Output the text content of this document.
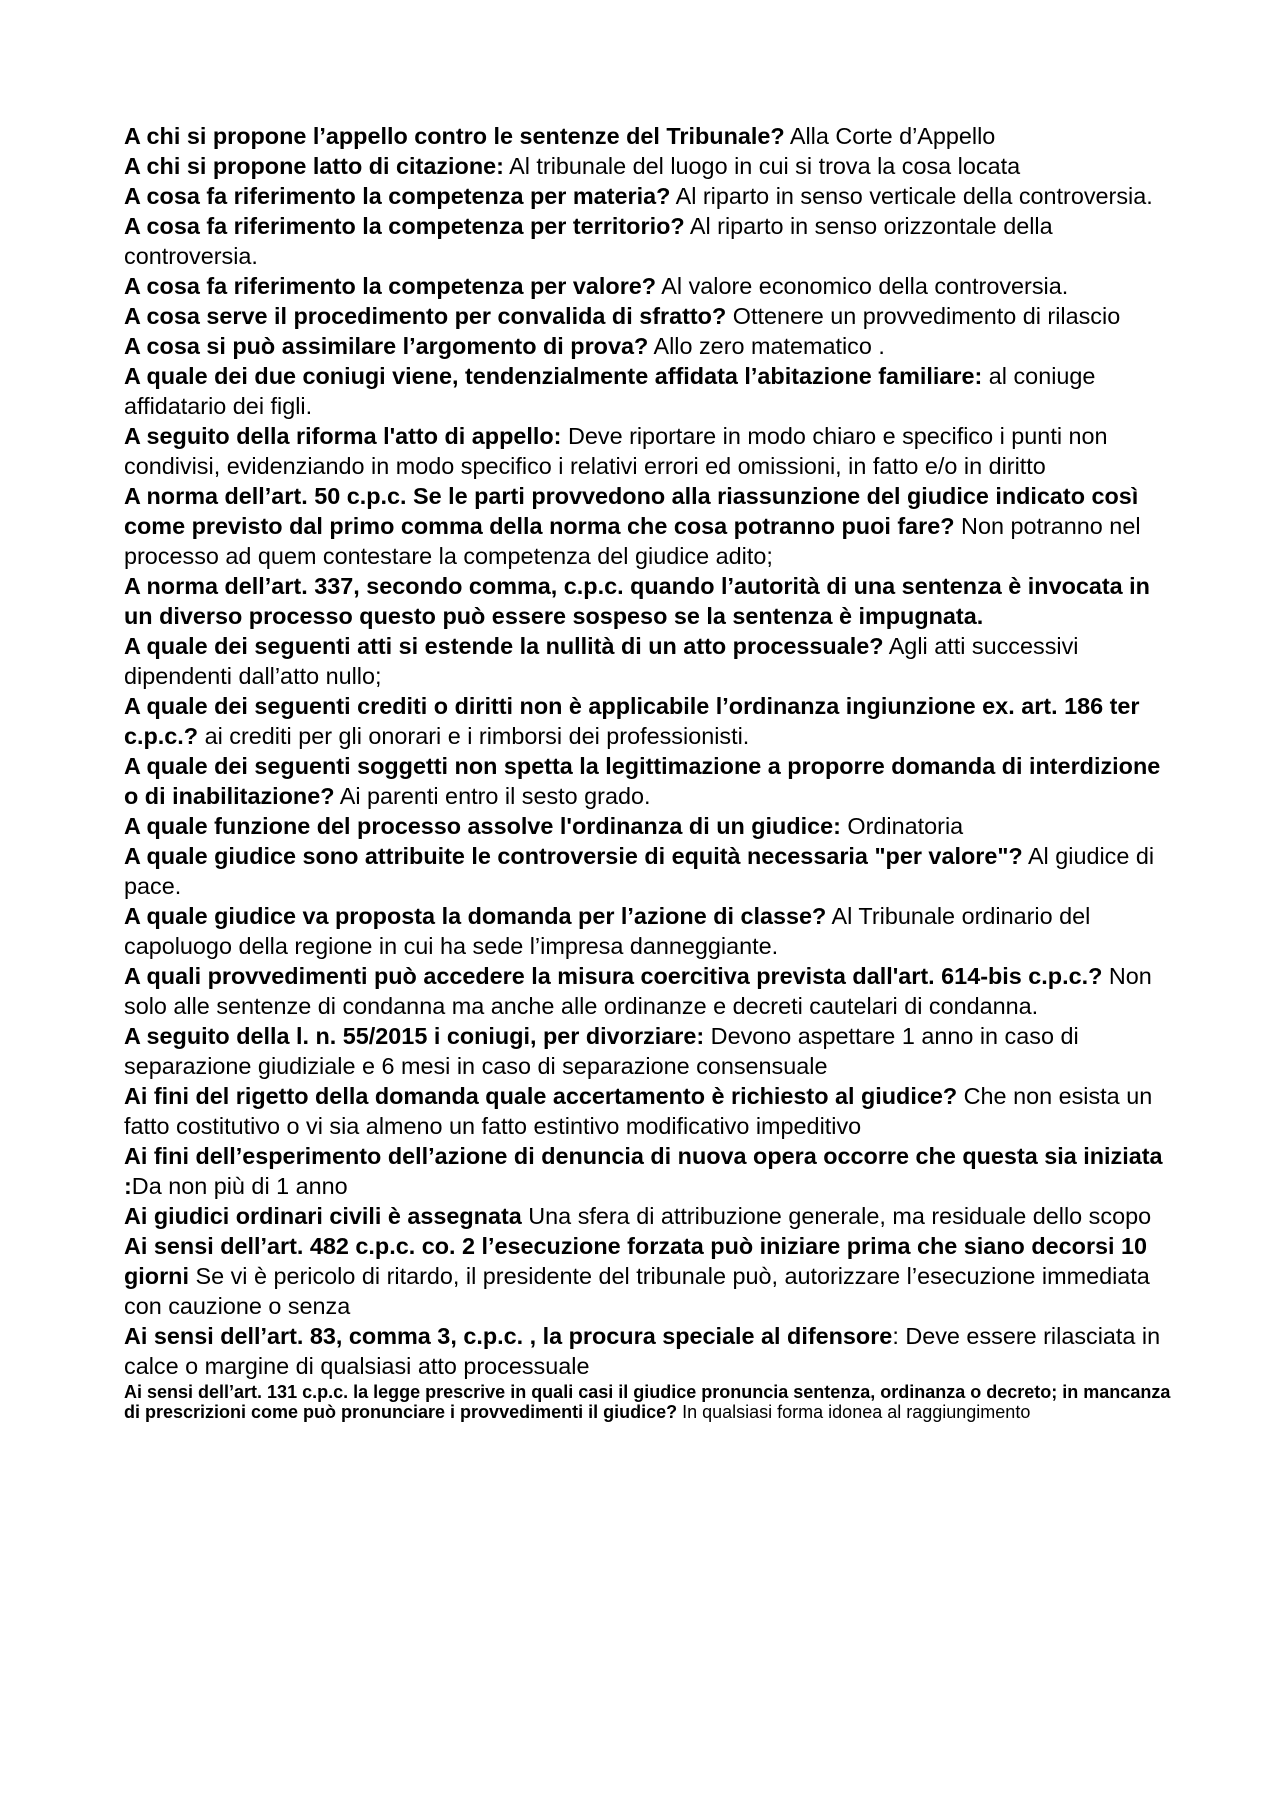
A chi si propone l’appello contro le sentenze del Tribunale? Alla Corte d’Appello

A chi si propone latto di citazione: Al tribunale del luogo in cui si trova la cosa locata

A cosa fa riferimento la competenza per materia? Al riparto in senso verticale della controversia.

A cosa fa riferimento la competenza per territorio? Al riparto in senso orizzontale della controversia.

A cosa fa riferimento la competenza per valore? Al valore economico della controversia.

A cosa serve il procedimento per convalida di sfratto? Ottenere un provvedimento di rilascio

A cosa si può assimilare l’argomento di prova? Allo zero matematico .

A quale dei due coniugi viene, tendenzialmente affidata l’abitazione familiare: al coniuge affidatario dei figli.

A seguito della riforma l'atto di appello: Deve riportare in modo chiaro e specifico i punti non condivisi, evidenziando in modo specifico i relativi errori ed omissioni, in fatto e/o in diritto

A norma dell’art. 50 c.p.c. Se le parti provvedono alla riassunzione del giudice indicato così come previsto dal primo comma della norma che cosa potranno puoi fare? Non potranno nel processo ad quem contestare la competenza del giudice adito;

A norma dell’art. 337, secondo comma, c.p.c. quando l’autorità di una sentenza è invocata in un diverso processo questo può essere sospeso se la sentenza è impugnata.

A quale dei seguenti atti si estende la nullità di un atto processuale? Agli atti successivi dipendenti dall’atto nullo;

A quale dei seguenti crediti o diritti non è applicabile l’ordinanza ingiunzione ex. art. 186 ter c.p.c.? ai crediti per gli onorari e i rimborsi dei professionisti.

A quale dei seguenti soggetti non spetta la legittimazione a proporre domanda di interdizione o di inabilitazione? Ai parenti entro il sesto grado.

A quale funzione del processo assolve l'ordinanza di un giudice: Ordinatoria

A quale giudice sono attribuite le controversie di equità necessaria "per valore"? Al giudice di pace.

A quale giudice va proposta la domanda per l’azione di classe? Al Tribunale ordinario del capoluogo della regione in cui ha sede l’impresa danneggiante.

A quali provvedimenti può accedere la misura coercitiva prevista dall'art. 614-bis c.p.c.? Non solo alle sentenze di condanna ma anche alle ordinanze e decreti cautelari di condanna.

A seguito della l. n. 55/2015 i coniugi, per divorziare: Devono aspettare 1 anno in caso di separazione giudiziale e 6 mesi in caso di separazione consensuale

Ai fini del rigetto della domanda quale accertamento è richiesto al giudice? Che non esista un fatto costitutivo o vi sia almeno un fatto estintivo modificativo impeditivo

Ai fini dell’esperimento dell’azione di denuncia di nuova opera occorre che questa sia iniziata :Da non più di 1 anno

Ai giudici ordinari civili è assegnata Una sfera di attribuzione generale, ma residuale dello scopo

Ai sensi dell’art. 482 c.p.c. co. 2 l’esecuzione forzata può iniziare prima che siano decorsi 10 giorni Se vi è pericolo di ritardo, il presidente del tribunale può, autorizzare l’esecuzione immediata con cauzione o senza

Ai sensi dell’art. 83, comma 3, c.p.c. , la procura speciale al difensore: Deve essere rilasciata in calce o margine di qualsiasi atto processuale

Ai sensi dell’art. 131 c.p.c. la legge prescrive in quali casi il giudice pronuncia sentenza, ordinanza o decreto; in mancanza di prescrizioni come può pronunciare i provvedimenti il giudice? In qualsiasi forma idonea al raggiungimento
